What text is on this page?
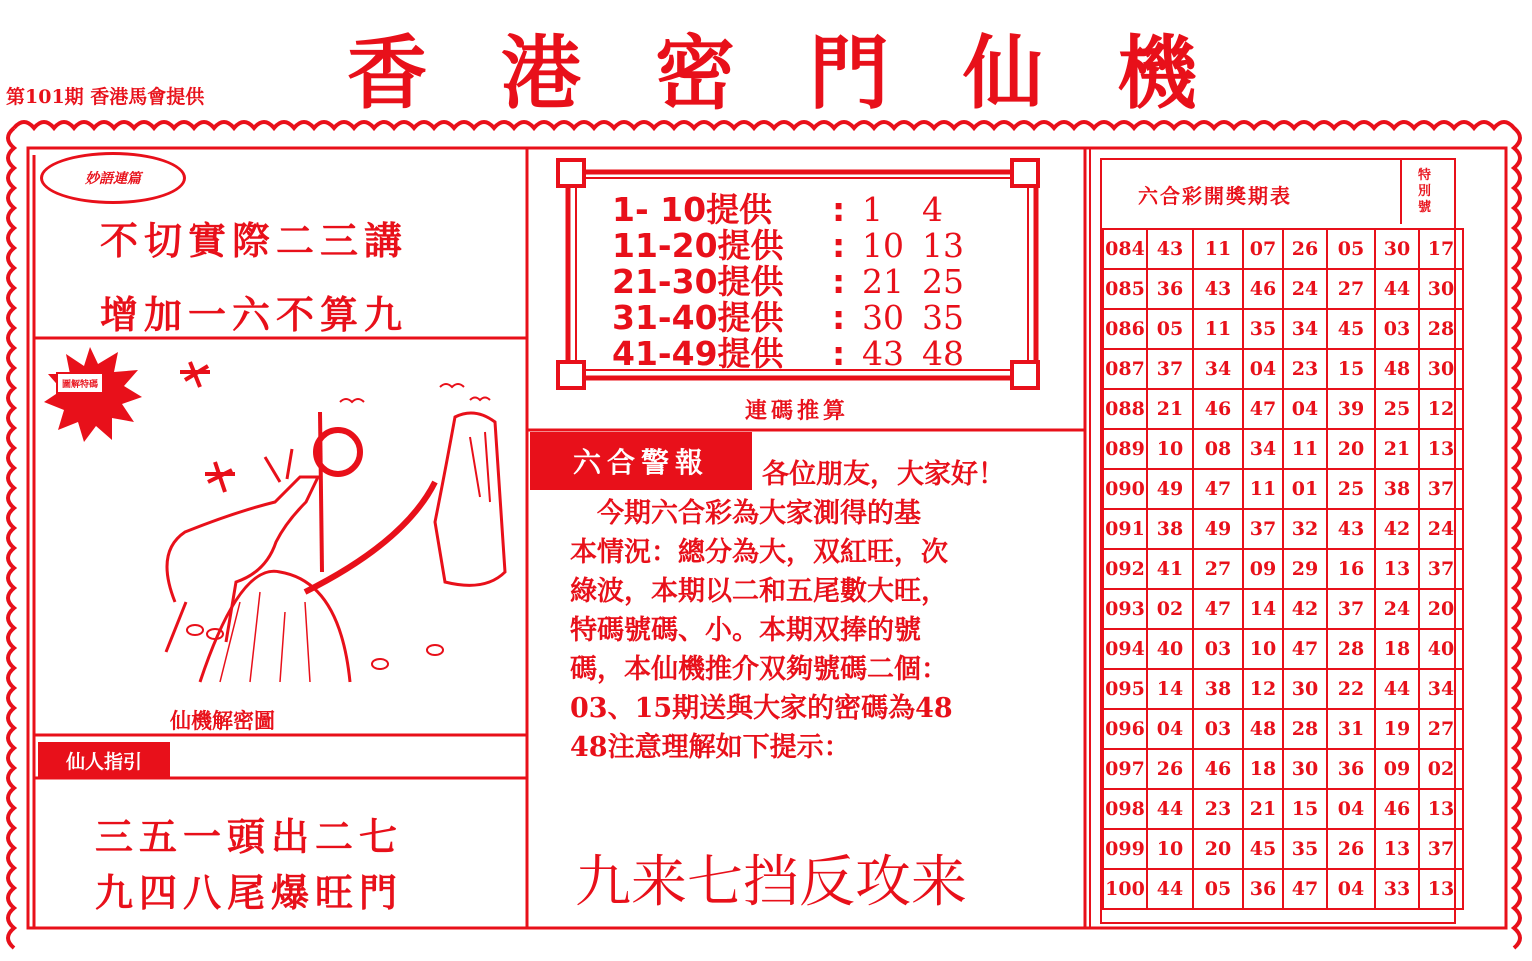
第101期 香港馬會提供	香 港 密 門 仙 機
妙語連篇
不切實際二三講
增加一六不算九
圖解特碼
仙機解密圖
仙人指引
三五一頭出二七
九四八尾爆旺門
1- 10提供	: 1	4
11-20提供	: 10 13
21-30提供	: 21 25
31-40提供	: 30 35
41-49提供	: 43 48
連碼推算
六合警報	各位朋友，大家好！
　今期六合彩為大家測得的基
本情況：總分為大，双紅旺，次
綠波，本期以二和五尾數大旺，
特碼號碼、小。本期双捧的號
碼，本仙機推介双夠號碼二個：
03、15期送與大家的密碼為48
48注意理解如下提示：
九来七挡反攻来
六合彩開獎期表
特別號
084	43	11	07	26	05	30	17
085	36	43	46	24	27	44	30
086	05	11	35	34	45	03	28
087	37	34	04	23	15	48	30
088	21	46	47	04	39	25	12
089	10	08	34	11	20	21	13
090	49	47	11	01	25	38	37
091	38	49	37	32	43	42	24
092	41	27	09	29	16	13	37
093	02	47	14	42	37	24	20
094	40	03	10	47	28	18	40
095	14	38	12	30	22	44	34
096	04	03	48	28	31	19	27
097	26	46	18	30	36	09	02
098	44	23	21	15	04	46	13
099	10	20	45	35	26	13	37
100	44	05	36	47	04	33	13
